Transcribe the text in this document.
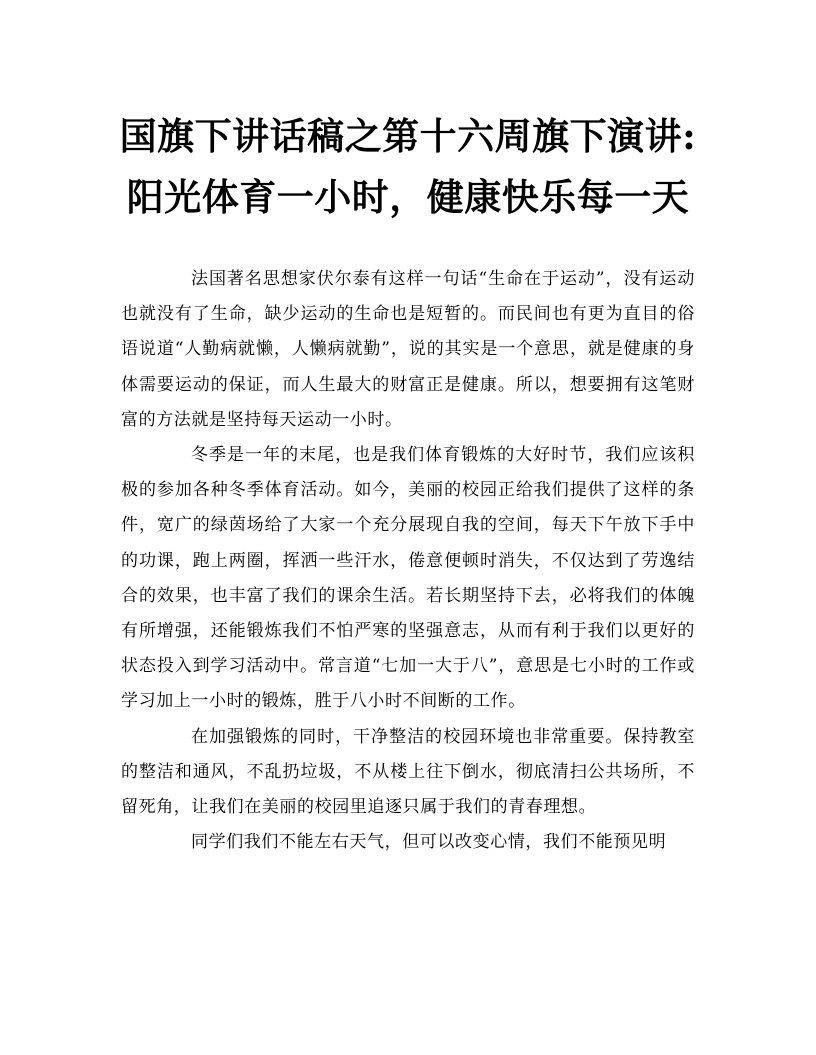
国旗下讲话稿之第十六周旗下演讲:阳光体育一小时，健康快乐每一天

法国著名思想家伏尔泰有这样一句话“生命在于运动”，没有运动也就没有了生命，缺少运动的生命也是短暂的。而民间也有更为直目的俗语说道“人勤病就懒，人懒病就勤”，说的其实是一个意思，就是健康的身体需要运动的保证，而人生最大的财富正是健康。所以，想要拥有这笔财富的方法就是坚持每天运动一小时。

冬季是一年的末尾，也是我们体育锻炼的大好时节，我们应该积极的参加各种冬季体育活动。如今，美丽的校园正给我们提供了这样的条件，宽广的绿茵场给了大家一个充分展现自我的空间，每天下午放下手中的功课，跑上两圈，挥洒一些汗水，倦意便顿时消失，不仅达到了劳逸结合的效果，也丰富了我们的课余生活。若长期坚持下去，必将我们的体魄有所增强，还能锻炼我们不怕严寒的坚强意志，从而有利于我们以更好的状态投入到学习活动中。常言道“七加一大于八”，意思是七小时的工作或学习加上一小时的锻炼，胜于八小时不间断的工作。

在加强锻炼的同时，干净整洁的校园环境也非常重要。保持教室的整洁和通风，不乱扔垃圾，不从楼上往下倒水，彻底清扫公共场所，不留死角，让我们在美丽的校园里追逐只属于我们的青春理想。

同学们我们不能左右天气，但可以改变心情，我们不能预见明
